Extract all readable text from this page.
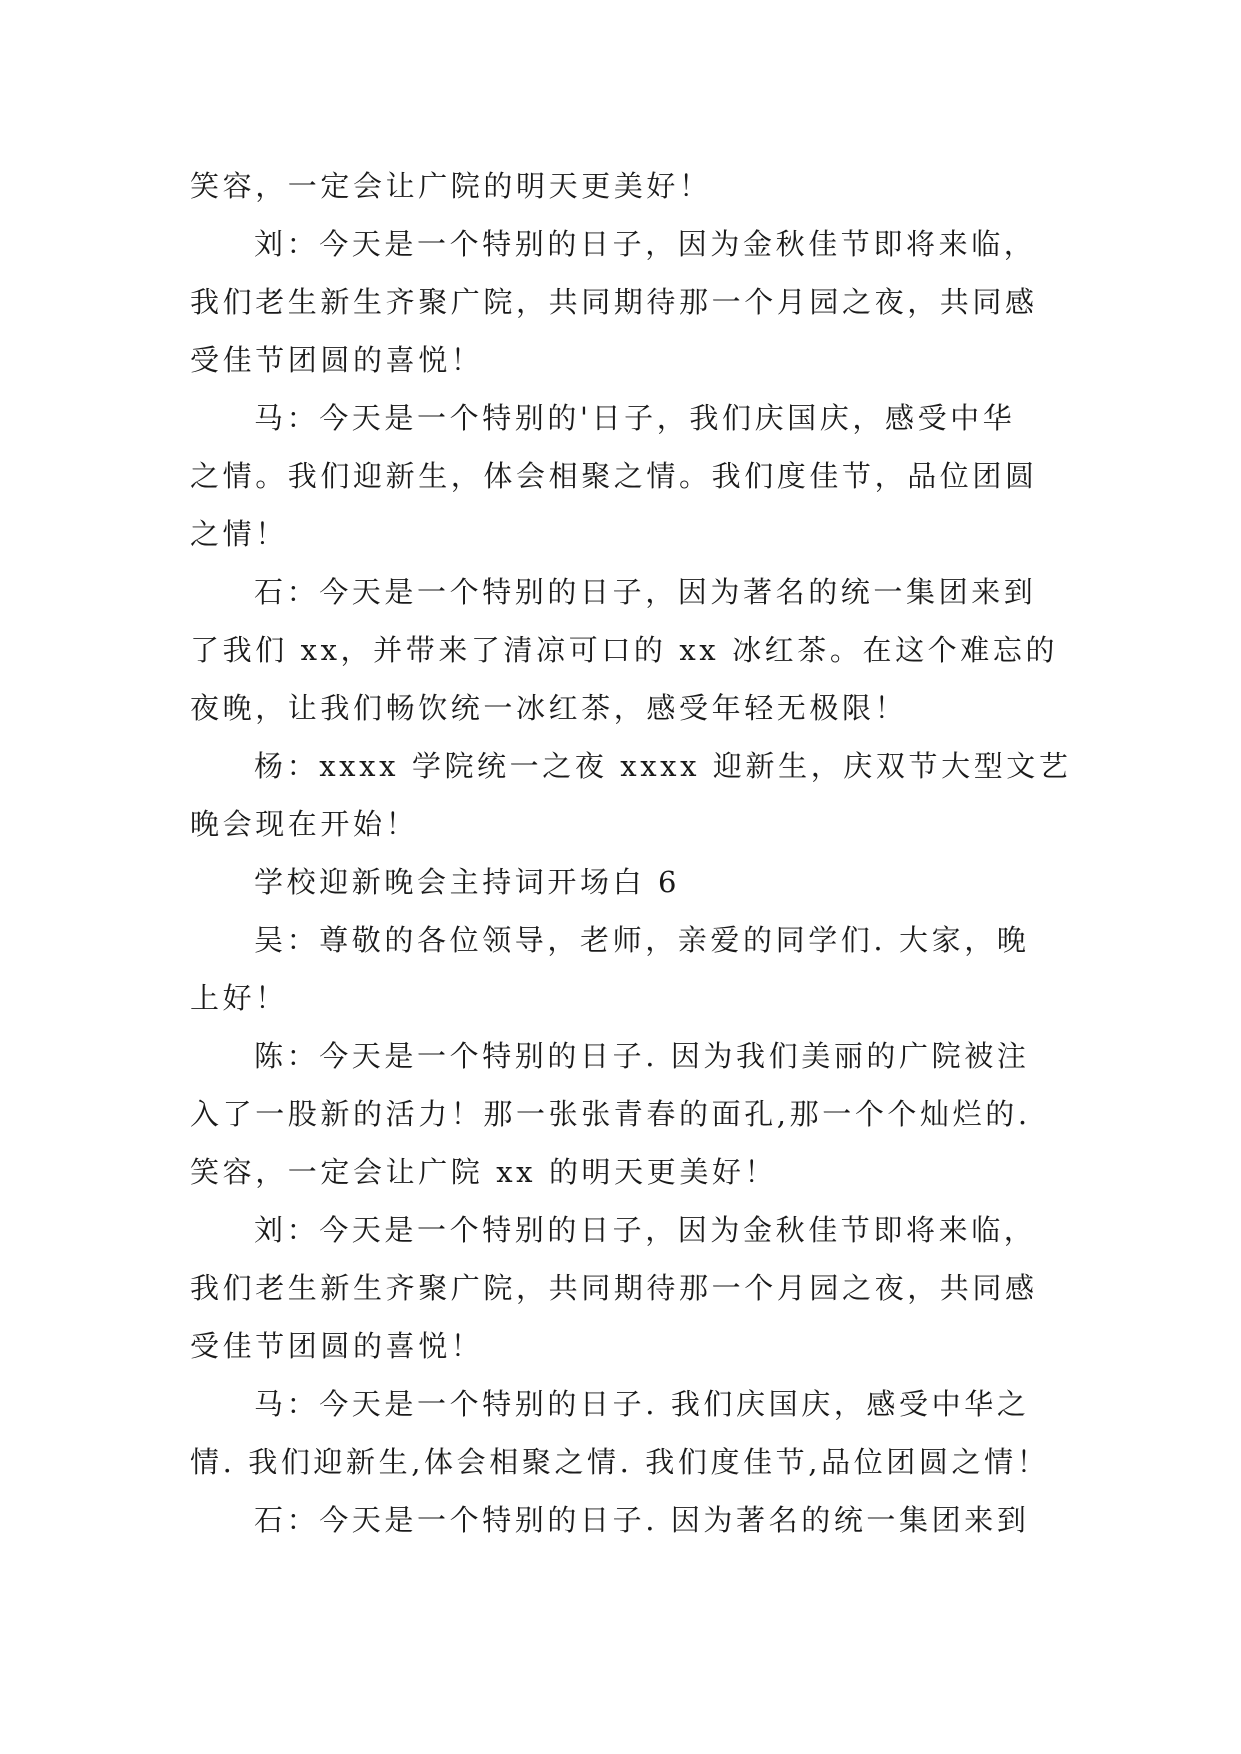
笑容，一定会让广院的明天更美好！
刘：今天是一个特别的日子，因为金秋佳节即将来临，
我们老生新生齐聚广院，共同期待那一个月园之夜，共同感
受佳节团圆的喜悦！
马：今天是一个特别的'日子，我们庆国庆，感受中华
之情。我们迎新生，体会相聚之情。我们度佳节，品位团圆
之情！
石：今天是一个特别的日子，因为著名的统一集团来到
了我们 xx，并带来了清凉可口的 xx 冰红茶。在这个难忘的
夜晚，让我们畅饮统一冰红茶，感受年轻无极限！
杨：xxxx 学院统一之夜 xxxx 迎新生，庆双节大型文艺
晚会现在开始！
学校迎新晚会主持词开场白 6
吴：尊敬的各位领导，老师，亲爱的同学们. 大家，晚
上好！
陈：今天是一个特别的日子. 因为我们美丽的广院被注
入了一股新的活力！那一张张青春的面孔,那一个个灿烂的.
笑容，一定会让广院 xx 的明天更美好！
刘：今天是一个特别的日子，因为金秋佳节即将来临，
我们老生新生齐聚广院，共同期待那一个月园之夜，共同感
受佳节团圆的喜悦！
马：今天是一个特别的日子. 我们庆国庆，感受中华之
情. 我们迎新生,体会相聚之情. 我们度佳节,品位团圆之情！
石：今天是一个特别的日子. 因为著名的统一集团来到
